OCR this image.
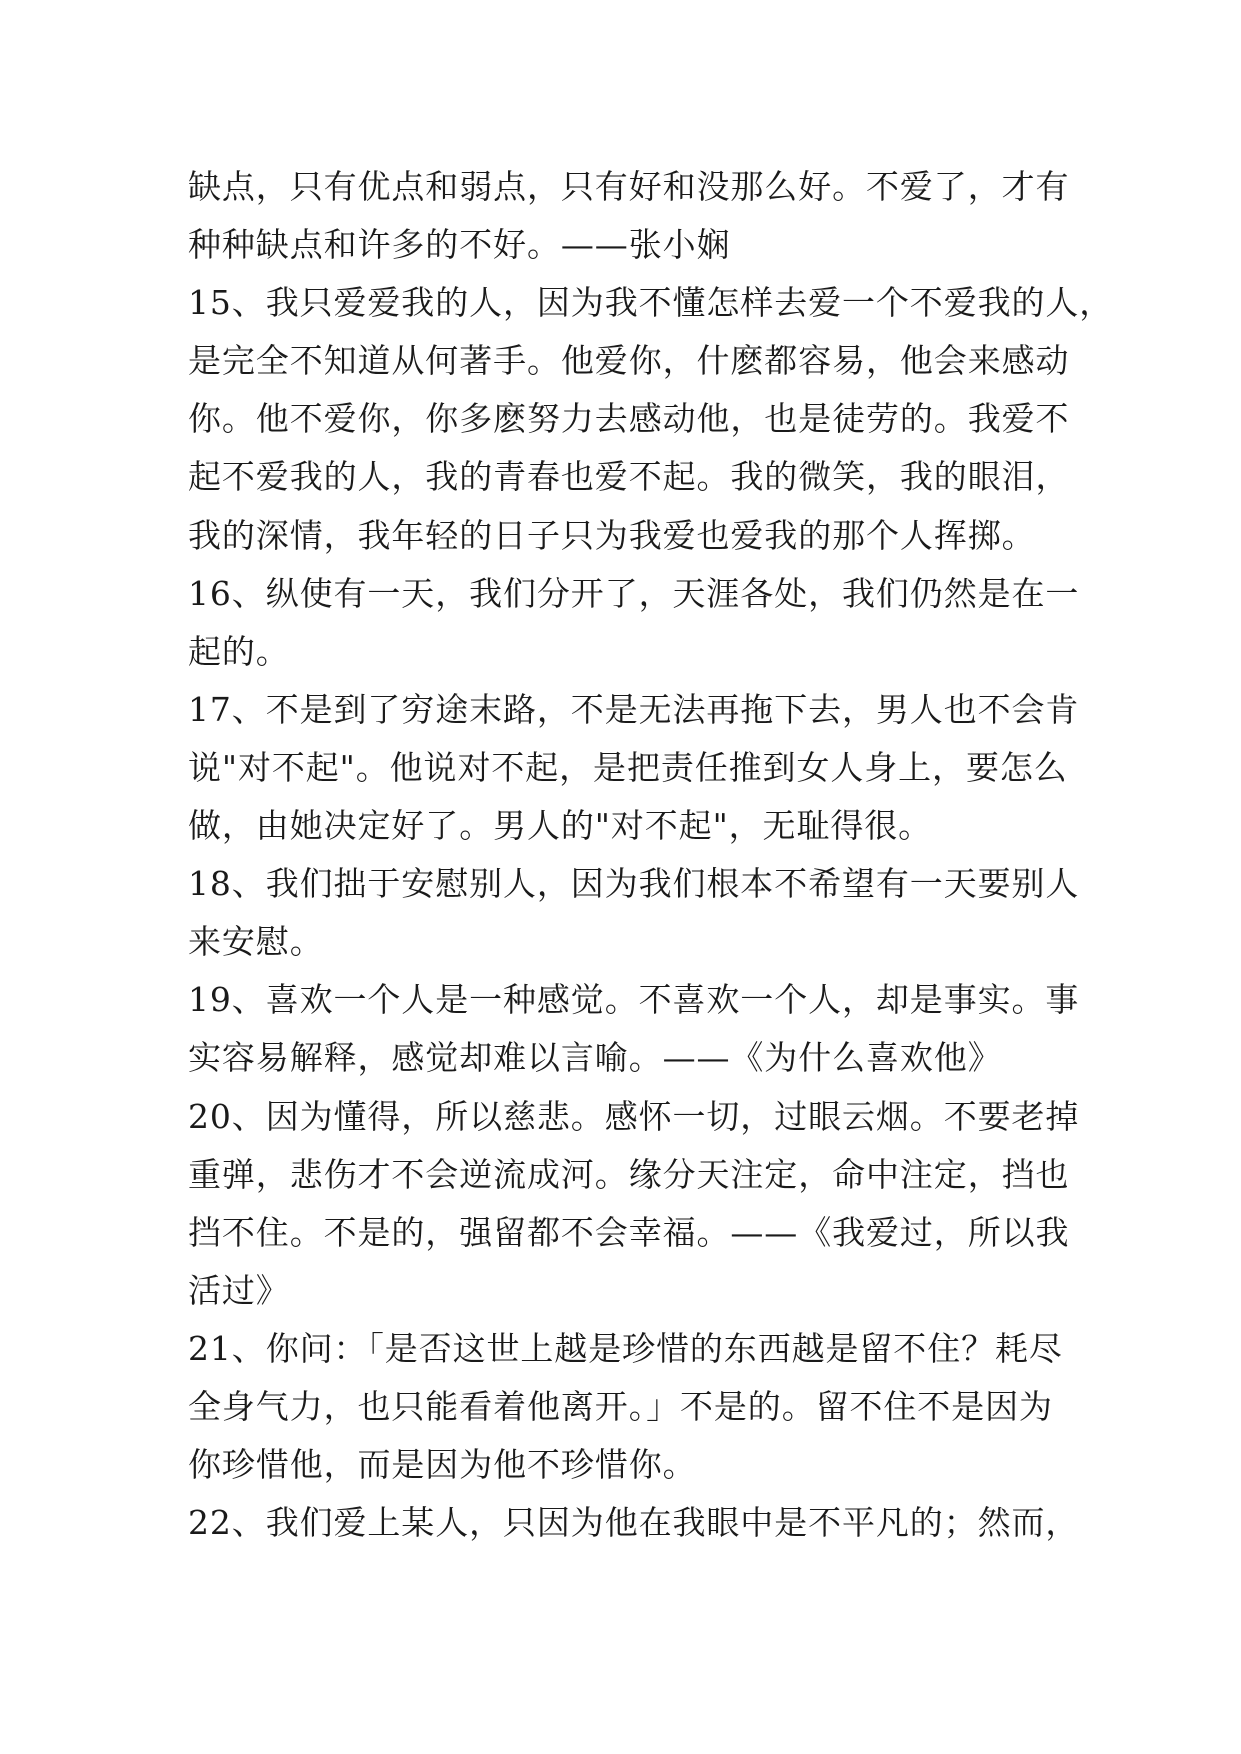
缺点，只有优点和弱点，只有好和没那么好。不爱了，才有
种种缺点和许多的不好。——张小娴
15、我只爱爱我的人，因为我不懂怎样去爱一个不爱我的人，
是完全不知道从何著手。他爱你，什麽都容易，他会来感动
你。他不爱你，你多麽努力去感动他，也是徒劳的。我爱不
起不爱我的人，我的青春也爱不起。我的微笑，我的眼泪，
我的深情，我年轻的日子只为我爱也爱我的那个人挥掷。
16、纵使有一天，我们分开了，天涯各处，我们仍然是在一
起的。
17、不是到了穷途末路，不是无法再拖下去，男人也不会肯
说"对不起"。他说对不起，是把责任推到女人身上，要怎么
做，由她决定好了。男人的"对不起"，无耻得很。
18、我们拙于安慰别人，因为我们根本不希望有一天要别人
来安慰。
19、喜欢一个人是一种感觉。不喜欢一个人，却是事实。事
实容易解释，感觉却难以言喻。——《为什么喜欢他》
20、因为懂得，所以慈悲。感怀一切，过眼云烟。不要老掉
重弹，悲伤才不会逆流成河。缘分天注定，命中注定，挡也
挡不住。不是的，强留都不会幸福。——《我爱过，所以我
活过》
21、你问：「是否这世上越是珍惜的东西越是留不住？耗尽
全身气力，也只能看着他离开。」不是的。留不住不是因为
你珍惜他，而是因为他不珍惜你。
22、我们爱上某人，只因为他在我眼中是不平凡的；然而，
